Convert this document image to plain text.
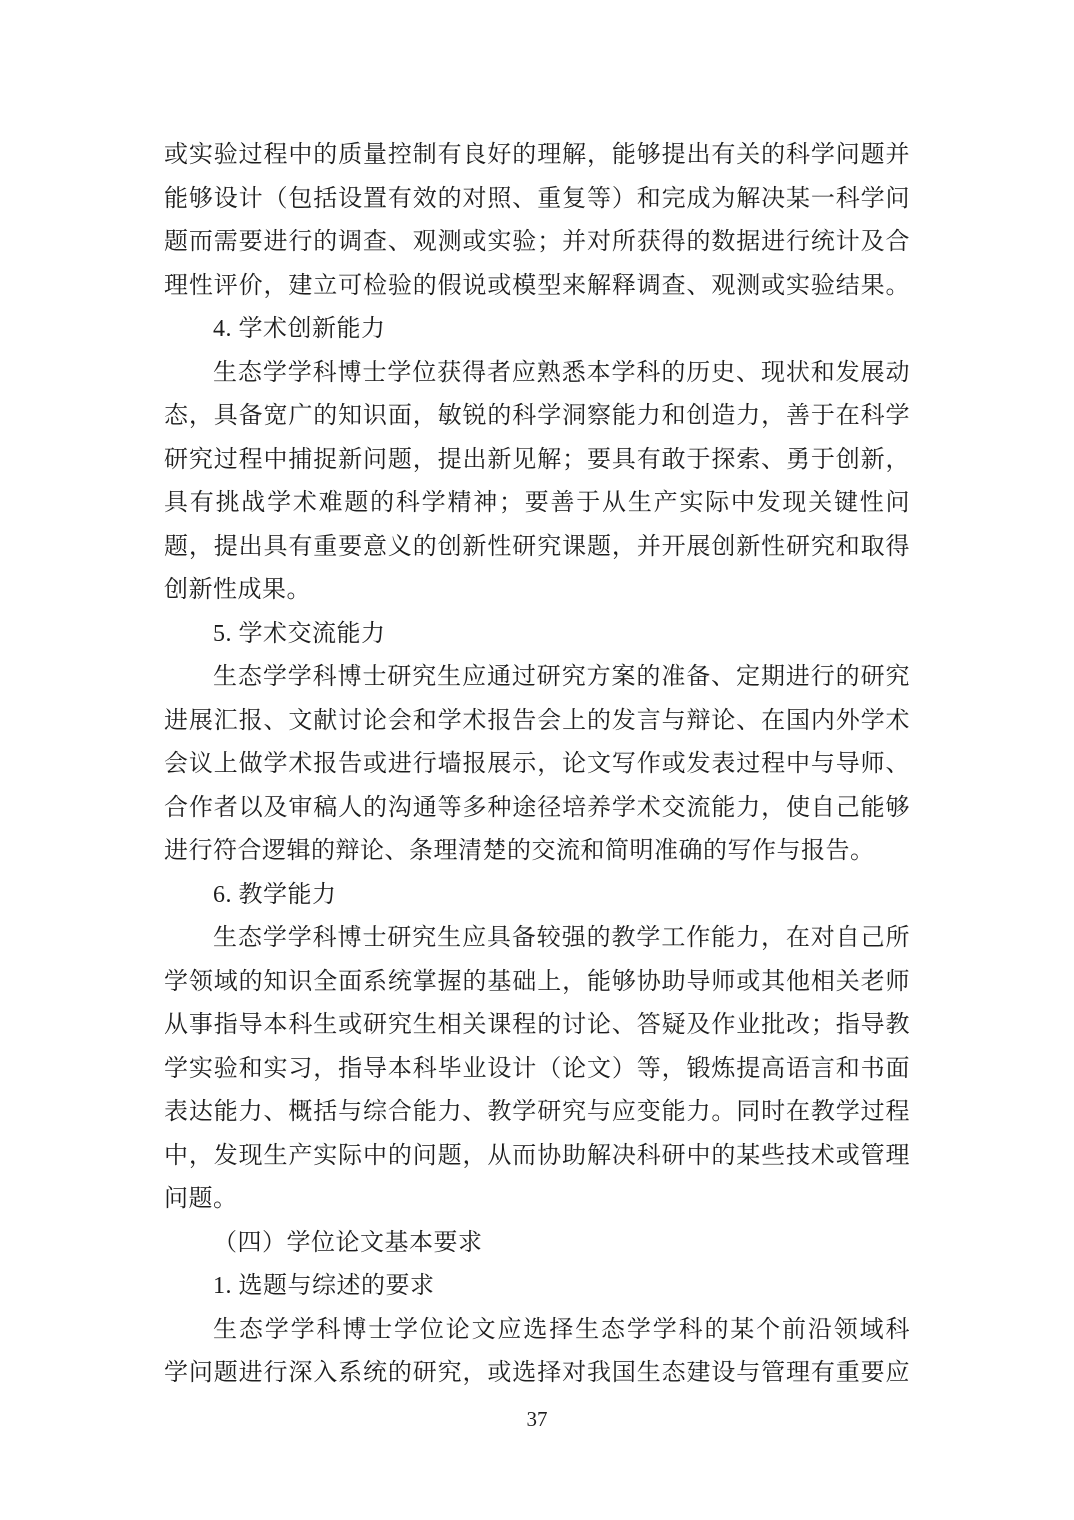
或实验过程中的质量控制有良好的理解，能够提出有关的科学问题并
能够设计（包括设置有效的对照、重复等）和完成为解决某一科学问
题而需要进行的调查、观测或实验；并对所获得的数据进行统计及合
理性评价，建立可检验的假说或模型来解释调查、观测或实验结果。
4. 学术创新能力
生态学学科博士学位获得者应熟悉本学科的历史、现状和发展动
态，具备宽广的知识面，敏锐的科学洞察能力和创造力，善于在科学
研究过程中捕捉新问题，提出新见解；要具有敢于探索、勇于创新，
具有挑战学术难题的科学精神；要善于从生产实际中发现关键性问
题，提出具有重要意义的创新性研究课题，并开展创新性研究和取得
创新性成果。
5. 学术交流能力
生态学学科博士研究生应通过研究方案的准备、定期进行的研究
进展汇报、文献讨论会和学术报告会上的发言与辩论、在国内外学术
会议上做学术报告或进行墙报展示，论文写作或发表过程中与导师、
合作者以及审稿人的沟通等多种途径培养学术交流能力，使自己能够
进行符合逻辑的辩论、条理清楚的交流和简明准确的写作与报告。
6. 教学能力
生态学学科博士研究生应具备较强的教学工作能力，在对自己所
学领域的知识全面系统掌握的基础上，能够协助导师或其他相关老师
从事指导本科生或研究生相关课程的讨论、答疑及作业批改；指导教
学实验和实习，指导本科毕业设计（论文）等，锻炼提高语言和书面
表达能力、概括与综合能力、教学研究与应变能力。同时在教学过程
中，发现生产实际中的问题，从而协助解决科研中的某些技术或管理
问题。
（四）学位论文基本要求
1. 选题与综述的要求
生态学学科博士学位论文应选择生态学学科的某个前沿领域科
学问题进行深入系统的研究，或选择对我国生态建设与管理有重要应
37
